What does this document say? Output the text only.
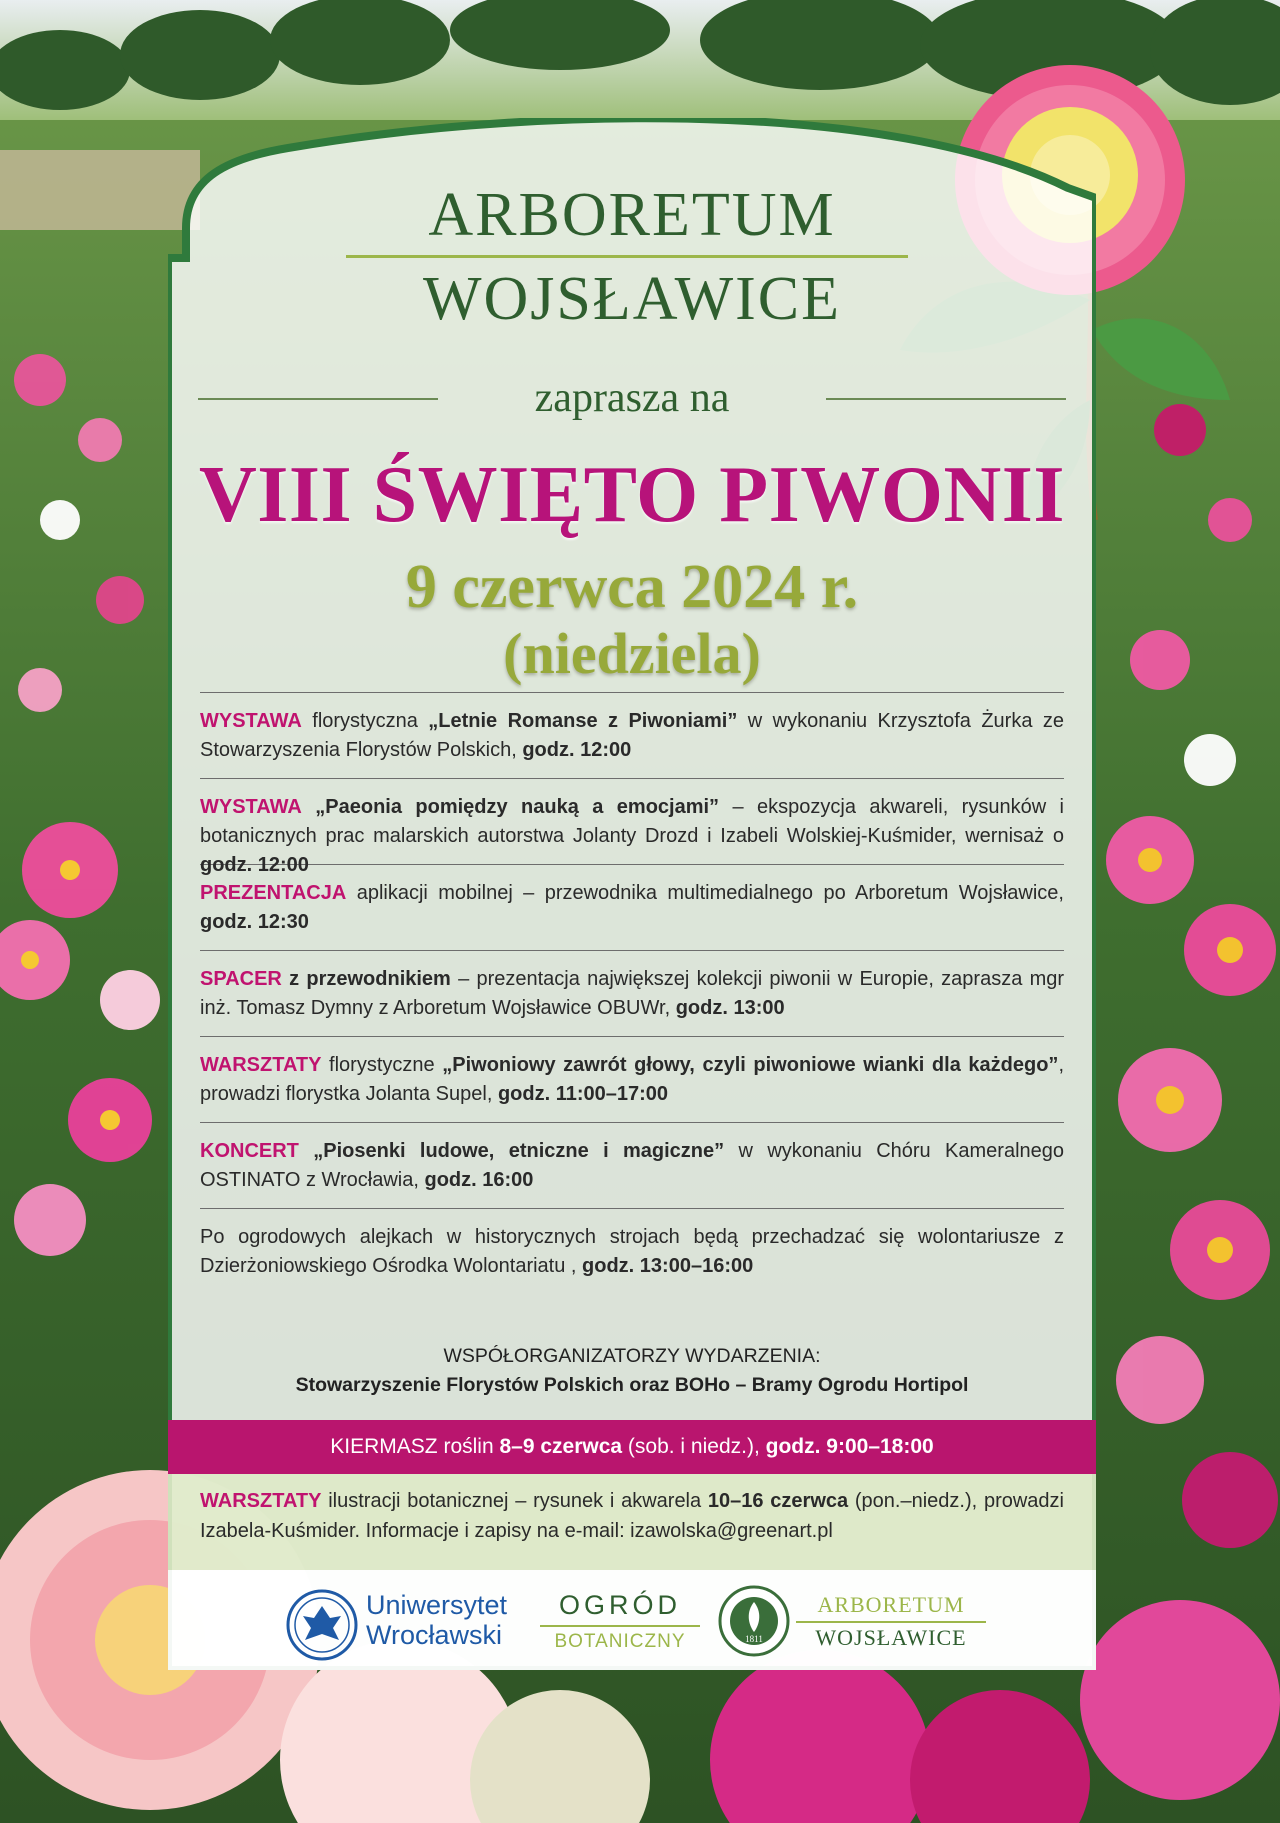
ARBORETUM
WOJSŁAWICE
zaprasza na
VIII ŚWIĘTO PIWONII
9 czerwca 2024 r.
(niedziela)
WYSTAWA florystyczna „Letnie Romanse z Piwoniami” w wykonaniu Krzysztofa Żurka ze Stowarzyszenia Florystów Polskich, godz. 12:00
WYSTAWA „Paeonia pomiędzy nauką a emocjami” – ekspozycja akwareli, rysunków i botanicznych prac malarskich autorstwa Jolanty Drozd i Izabeli Wolskiej-Kuśmider, wernisaż o godz. 12:00
PREZENTACJA aplikacji mobilnej – przewodnika multimedialnego po Arboretum Wojsławice, godz. 12:30
SPACER z przewodnikiem – prezentacja największej kolekcji piwonii w Europie, zaprasza mgr inż. Tomasz Dymny z Arboretum Wojsławice OBUWr, godz. 13:00
WARSZTATY florystyczne „Piwoniowy zawrót głowy, czyli piwoniowe wianki dla każdego”, prowadzi florystka Jolanta Supel, godz. 11:00–17:00
KONCERT „Piosenki ludowe, etniczne i magiczne” w wykonaniu Chóru Kameralnego OSTINATO z Wrocławia, godz. 16:00
Po ogrodowych alejkach w historycznych strojach będą przechadzać się wolontariusze z Dzierżoniowskiego Ośrodka Wolontariatu , godz. 13:00–16:00
WSPÓŁORGANIZATORZY WYDARZENIA:
Stowarzyszenie Florystów Polskich oraz BOHo – Bramy Ogrodu Hortipol
KIERMASZ roślin 8–9 czerwca (sob. i niedz.), godz. 9:00–18:00

WARSZTATY ilustracji botanicznej – rysunek i akwarela 10–16 czerwca (pon.–niedz.), prowadzi Izabela-Kuśmider. Informacje i zapisy na e-mail: izawolska@greenart.pl

Uniwersytet
Wrocławski
OGRÓD
BOTANICZNY	1811
ARBORETUM
WOJSŁAWICE
